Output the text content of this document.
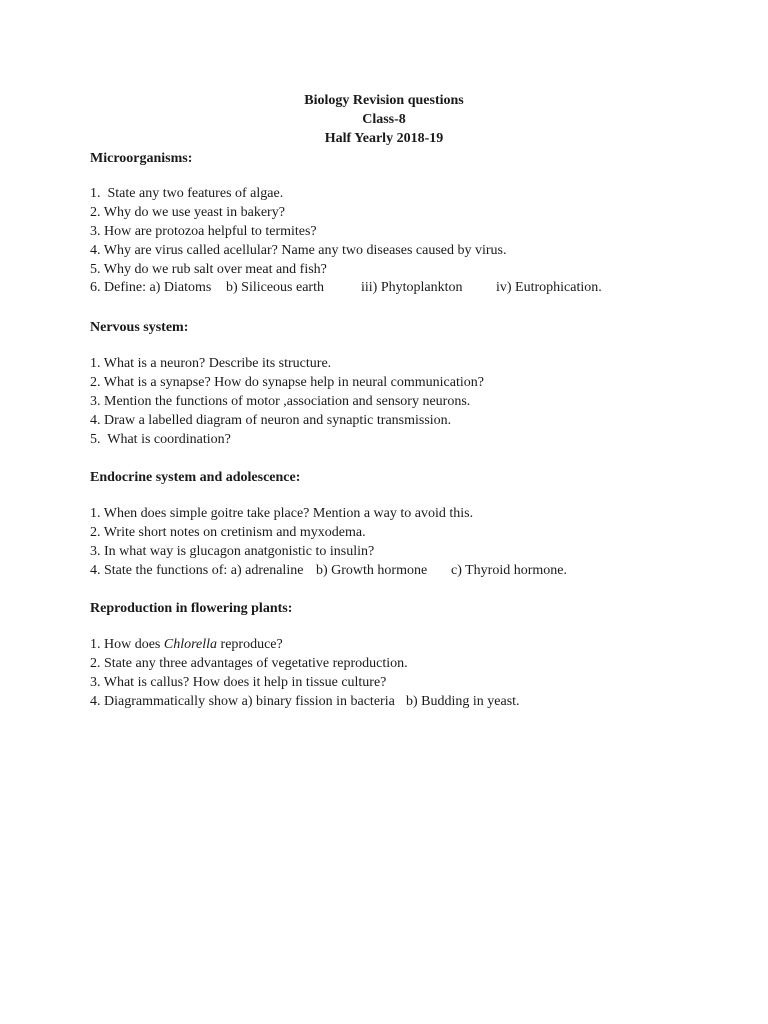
Biology Revision questions
Class-8
Half Yearly 2018-19
Microorganisms:
1.  State any two features of algae.
2. Why do we use yeast in bakery?
3. How are protozoa helpful to termites?
4. Why are virus called acellular? Name any two diseases caused by virus.
5. Why do we rub salt over meat and fish?
6. Define: a) Diatoms b) Siliceous earth	iii) Phytoplankton iv) Eutrophication.
Nervous system:
1. What is a neuron? Describe its structure.
2. What is a synapse? How do synapse help in neural communication?
3. Mention the functions of motor ,association and sensory neurons.
4. Draw a labelled diagram of neuron and synaptic transmission.
5.  What is coordination?
Endocrine system and adolescence:
1. When does simple goitre take place? Mention a way to avoid this.
2. Write short notes on cretinism and myxodema.
3. In what way is glucagon anatgonistic to insulin?
4. State the functions of: a) adrenaline b) Growth hormone c) Thyroid hormone.
Reproduction in flowering plants:
1. How does Chlorella reproduce?
2. State any three advantages of vegetative reproduction.
3. What is callus? How does it help in tissue culture?
4. Diagrammatically show a) binary fission in bacteria b) Budding in yeast.
